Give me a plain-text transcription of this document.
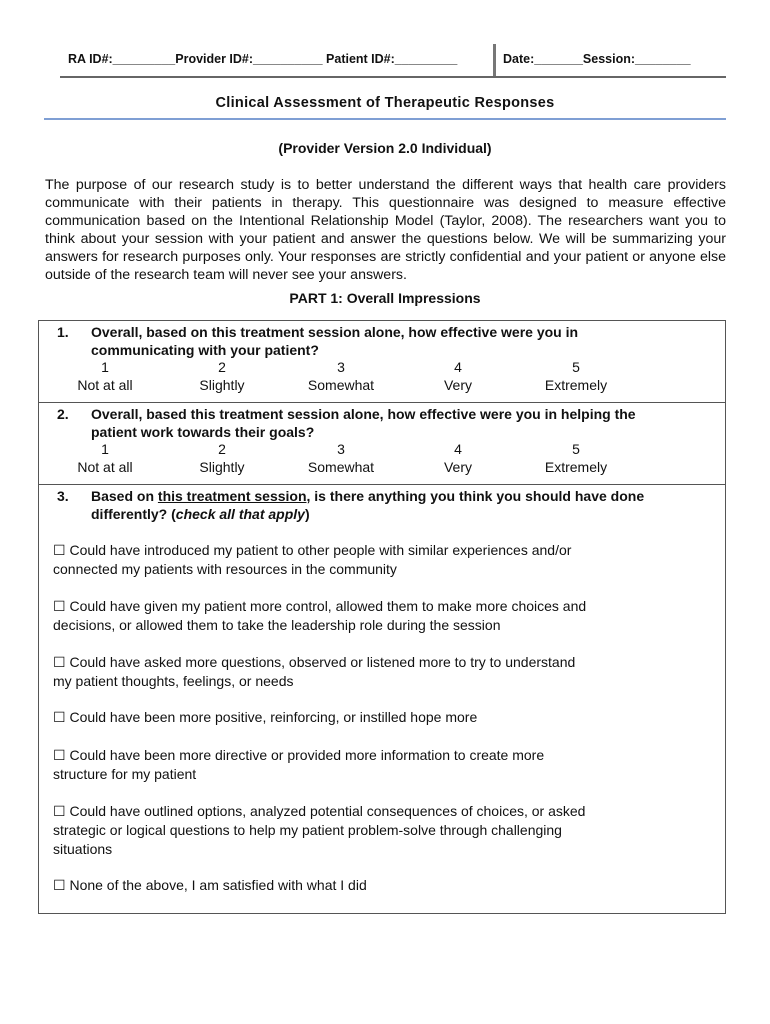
RA ID#:_________Provider ID#:__________ Patient ID#:_________	Date:_______Session:________
Clinical Assessment of Therapeutic Responses
(Provider Version 2.0 Individual)
The purpose of our research study is to better understand the different ways that health care providers communicate with their patients in therapy. This questionnaire was designed to measure effective communication based on the Intentional Relationship Model (Taylor, 2008). The researchers want you to think about your session with your patient and answer the questions below. We will be summarizing your answers for research purposes only. Your responses are strictly confidential and your patient or anyone else outside of the research team will never see your answers.
PART 1: Overall Impressions
1.	Overall, based on this treatment session alone, how effective were you in
communicating with your patient?
1	2	3	4	5
Not at all	Slightly	Somewhat	Very	Extremely
2.	Overall, based this treatment session alone, how effective were you in helping the
patient work towards their goals?
1	2	3	4	5
Not at all	Slightly	Somewhat	Very	Extremely
3.	Based on this treatment session, is there anything you think you should have done
differently? (check all that apply)
☐ Could have introduced my patient to other people with similar experiences and/or
connected my patients with resources in the community
☐ Could have given my patient more control, allowed them to make more choices and
decisions, or allowed them to take the leadership role during the session
☐ Could have asked more questions, observed or listened more to try to understand
my patient thoughts, feelings, or needs
☐ Could have been more positive, reinforcing, or instilled hope more
☐ Could have been more directive or provided more information to create more
structure for my patient
☐ Could have outlined options, analyzed potential consequences of choices, or asked
strategic or logical questions to help my patient problem-solve through challenging
situations
☐ None of the above, I am satisfied with what I did
